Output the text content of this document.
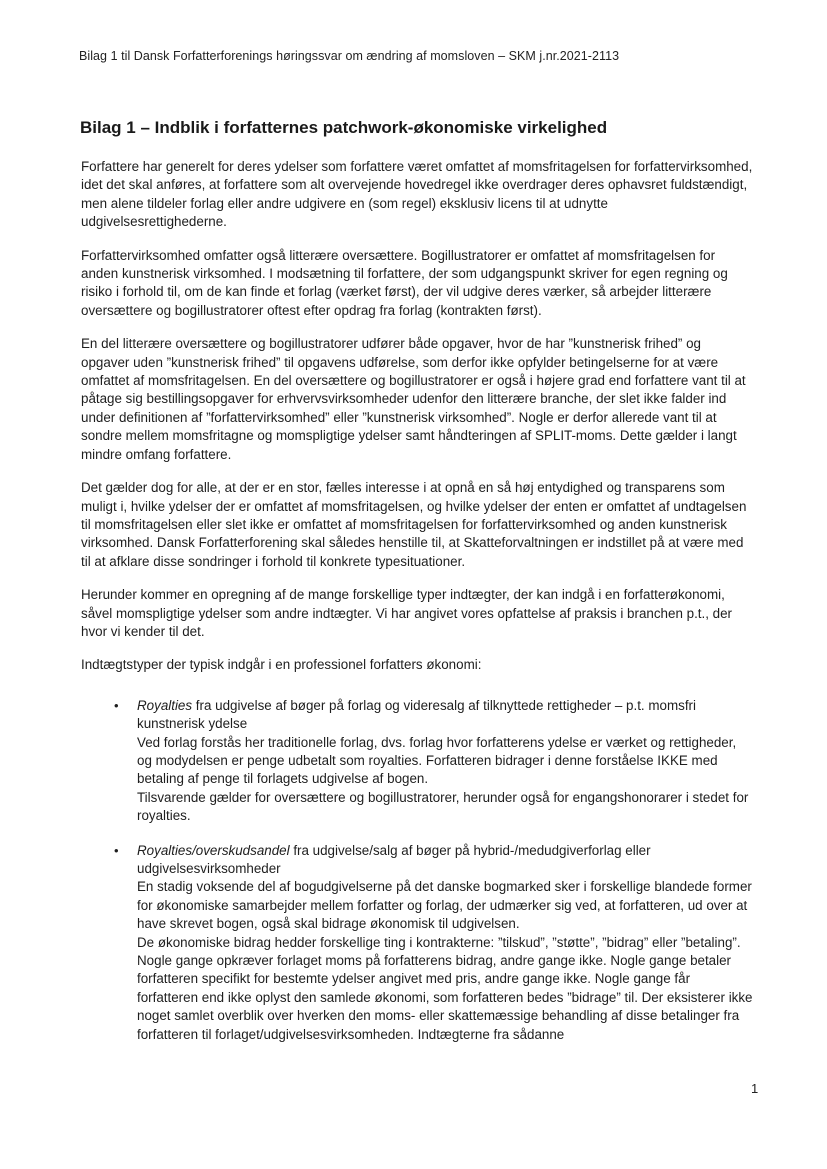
Bilag 1 til Dansk Forfatterforenings høringssvar om ændring af momsloven – SKM j.nr.2021-2113
Bilag 1 – Indblik i forfatternes patchwork-økonomiske virkelighed

Forfattere har generelt for deres ydelser som forfattere været omfattet af momsfritagelsen for forfattervirksomhed, idet det skal anføres, at forfattere som alt overvejende hovedregel ikke overdrager deres ophavsret fuldstændigt, men alene tildeler forlag eller andre udgivere en (som regel) eksklusiv licens til at udnytte udgivelsesrettighederne.

Forfattervirksomhed omfatter også litterære oversættere. Bogillustratorer er omfattet af momsfritagelsen for anden kunstnerisk virksomhed. I modsætning til forfattere, der som udgangspunkt skriver for egen regning og risiko i forhold til, om de kan finde et forlag (værket først), der vil udgive deres værker, så arbejder litterære oversættere og bogillustratorer oftest efter opdrag fra forlag (kontrakten først).

En del litterære oversættere og bogillustratorer udfører både opgaver, hvor de har ”kunstnerisk frihed” og opgaver uden ”kunstnerisk frihed” til opgavens udførelse, som derfor ikke opfylder betingelserne for at være omfattet af momsfritagelsen. En del oversættere og bogillustratorer er også i højere grad end forfattere vant til at påtage sig bestillingsopgaver for erhvervsvirksomheder udenfor den litterære branche, der slet ikke falder ind under definitionen af ”forfattervirksomhed” eller ”kunstnerisk virksomhed”. Nogle er derfor allerede vant til at sondre mellem momsfritagne og momspligtige ydelser samt håndteringen af SPLIT-moms. Dette gælder i langt mindre omfang forfattere.

Det gælder dog for alle, at der er en stor, fælles interesse i at opnå en så høj entydighed og transparens som muligt i, hvilke ydelser der er omfattet af momsfritagelsen, og hvilke ydelser der enten er omfattet af undtagelsen til momsfritagelsen eller slet ikke er omfattet af momsfritagelsen for forfattervirksomhed og anden kunstnerisk virksomhed. Dansk Forfatterforening skal således henstille til, at Skatteforvaltningen er indstillet på at være med til at afklare disse sondringer i forhold til konkrete typesituationer.

Herunder kommer en opregning af de mange forskellige typer indtægter, der kan indgå i en forfatterøkonomi, såvel momspligtige ydelser som andre indtægter. Vi har angivet vores opfattelse af praksis i branchen p.t., der hvor vi kender til det.

Indtægtstyper der typisk indgår i en professionel forfatters økonomi:

• Royalties fra udgivelse af bøger på forlag og videresalg af tilknyttede rettigheder – p.t. momsfri kunstnerisk ydelse
Ved forlag forstås her traditionelle forlag, dvs. forlag hvor forfatterens ydelse er værket og rettigheder, og modydelsen er penge udbetalt som royalties. Forfatteren bidrager i denne forståelse IKKE med betaling af penge til forlagets udgivelse af bogen.
Tilsvarende gælder for oversættere og bogillustratorer, herunder også for engangshonorarer i stedet for royalties.
• Royalties/overskudsandel fra udgivelse/salg af bøger på hybrid-/medudgiverforlag eller udgivelsesvirksomheder
En stadig voksende del af bogudgivelserne på det danske bogmarked sker i forskellige blandede former for økonomiske samarbejder mellem forfatter og forlag, der udmærker sig ved, at forfatteren, ud over at have skrevet bogen, også skal bidrage økonomisk til udgivelsen.
De økonomiske bidrag hedder forskellige ting i kontrakterne: ”tilskud”, ”støtte”, ”bidrag” eller ”betaling”. Nogle gange opkræver forlaget moms på forfatterens bidrag, andre gange ikke. Nogle gange betaler forfatteren specifikt for bestemte ydelser angivet med pris, andre gange ikke. Nogle gange får forfatteren end ikke oplyst den samlede økonomi, som forfatteren bedes ”bidrage” til. Der eksisterer ikke noget samlet overblik over hverken den moms- eller skattemæssige behandling af disse betalinger fra forfatteren til forlaget/udgivelsesvirksomheden. Indtægterne fra sådanne
1
